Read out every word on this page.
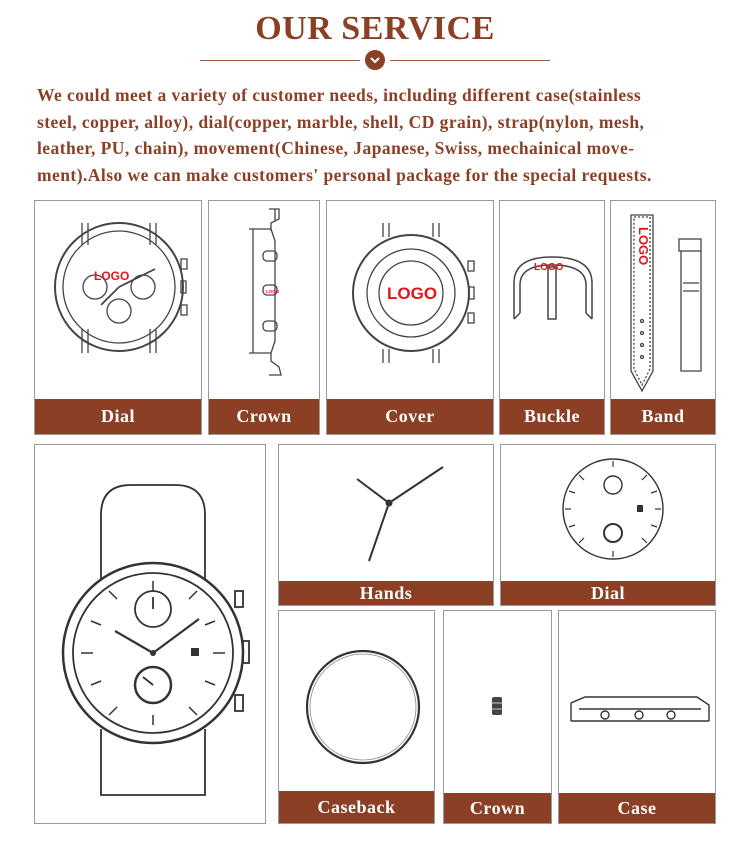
OUR SERVICE
We could meet a variety of customer needs, including different case(stainless
steel, copper, alloy), dial(copper, marble, shell, CD grain), strap(nylon, mesh,
leather, PU, chain), movement(Chinese, Japanese, Swiss, mechainical move-
ment).Also we can make customers' personal package for the special requests.
LOGO
Dial
LOGO
Crown
LOGO
Cover
LOGO
Buckle
LOGO
Band
Hands	Dial
Caseback	Crown	Case
